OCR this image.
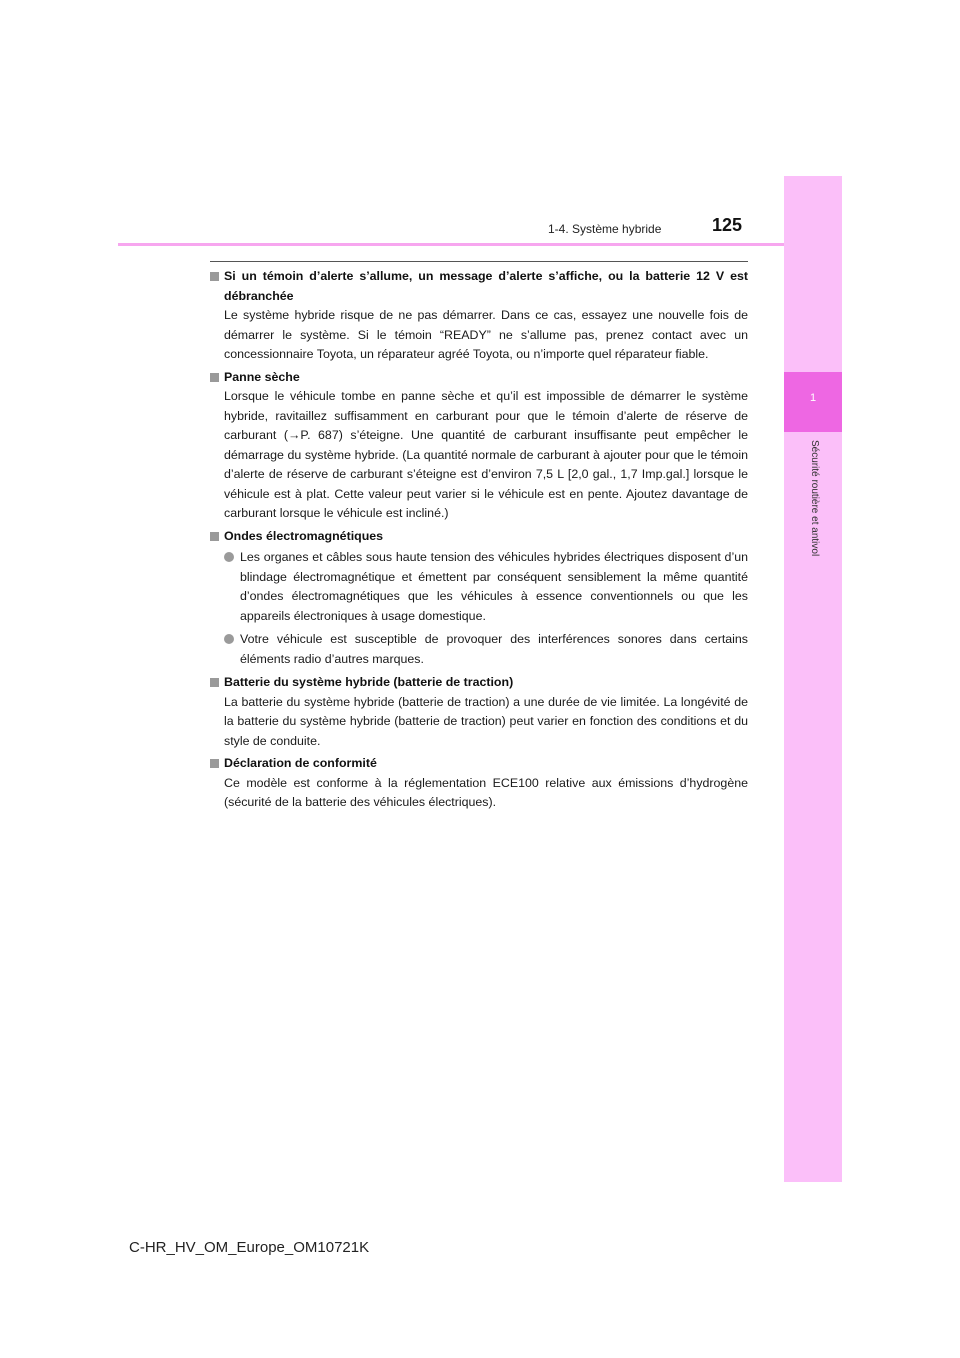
1
Sécurité routière et antivol
1-4. Système hybride	125
Si un témoin d’alerte s’allume, un message d’alerte s’affiche, ou la batterie 12 V est débranchée
Le système hybride risque de ne pas démarrer. Dans ce cas, essayez une nouvelle fois de démarrer le système. Si le témoin “READY” ne s’allume pas, prenez contact avec un concessionnaire Toyota, un réparateur agréé Toyota, ou n’importe quel réparateur fiable.
Panne sèche
Lorsque le véhicule tombe en panne sèche et qu’il est impossible de démarrer le système hybride, ravitaillez suffisamment en carburant pour que le témoin d’alerte de réserve de carburant (→P. 687) s’éteigne. Une quantité de carburant insuffisante peut empêcher le démarrage du système hybride. (La quantité normale de carburant à ajouter pour que le témoin d’alerte de réserve de carburant s’éteigne est d’environ 7,5 L [2,0 gal., 1,7 Imp.gal.] lorsque le véhicule est à plat. Cette valeur peut varier si le véhicule est en pente. Ajoutez davantage de carburant lorsque le véhicule est incliné.)
Ondes électromagnétiques
Les organes et câbles sous haute tension des véhicules hybrides électriques disposent d’un blindage électromagnétique et émettent par conséquent sensiblement la même quantité d’ondes électromagnétiques que les véhicules à essence conventionnels ou que les appareils électroniques à usage domestique.
Votre véhicule est susceptible de provoquer des interférences sonores dans certains éléments radio d’autres marques.
Batterie du système hybride (batterie de traction)
La batterie du système hybride (batterie de traction) a une durée de vie limitée. La longévité de la batterie du système hybride (batterie de traction) peut varier en fonction des conditions et du style de conduite.
Déclaration de conformité
Ce modèle est conforme à la réglementation ECE100 relative aux émissions d’hydrogène (sécurité de la batterie des véhicules électriques).
C-HR_HV_OM_Europe_OM10721K
